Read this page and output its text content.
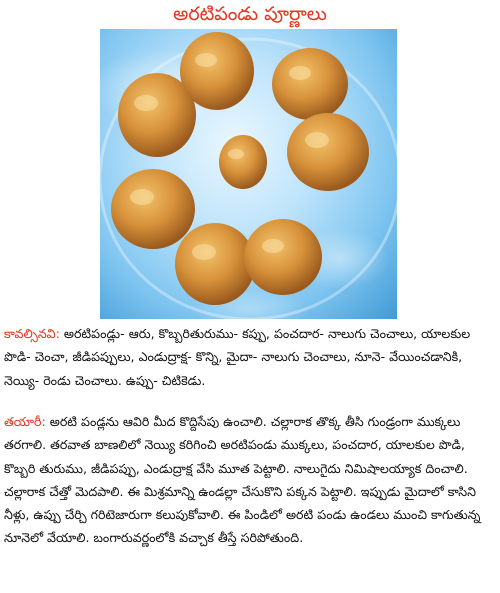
అరటిపండు పూర్ణాలు

కావల్సినవి: అరటిపండ్లు- ఆరు, కొబ్బరితురుము- కప్పు, పంచదార- నాలుగు చెంచాలు, యాలకుల పొడి- చెంచా, జీడిపప్పులు, ఎండుద్రాక్ష- కొన్ని, మైదా- నాలుగు చెంచాలు, నూనె- వేయించడానికి, నెయ్యి- రెండు చెంచాలు. ఉప్పు- చిటికెడు.

తయారీ: అరటి పండ్లను ఆవిరి మీద కొద్దిసేపు ఉంచాలి. చల్లారాక తొక్క తీసి గుండ్రంగా ముక్కలు తరగాలి. తరవాత బాణలిలో నెయ్యి కరిగించి అరటిపండు ముక్కలు, పంచదార, యాలకుల పొడి, కొబ్బరి తురుము, జీడిపప్పు, ఎండుద్రాక్ష వేసి మూత పెట్టాలి. నాలుగైదు నిమిషాలయ్యాక దించాలి. చల్లారాక చేత్తో మెదపాలి. ఈ మిశ్రమాన్ని ఉండల్లా చేసుకొని పక్కన పెట్టాలి. ఇప్పుడు మైదాలో కాసిని నీళ్లు, ఉప్పు చేర్చి గరిటెజారుగా కలుపుకోవాలి. ఈ పిండిలో అరటి పండు ఉండలు ముంచి కాగుతున్న నూనెలో వేయాలి. బంగారువర్ణంలోకి వచ్చాక తీస్తే సరిపోతుంది.
